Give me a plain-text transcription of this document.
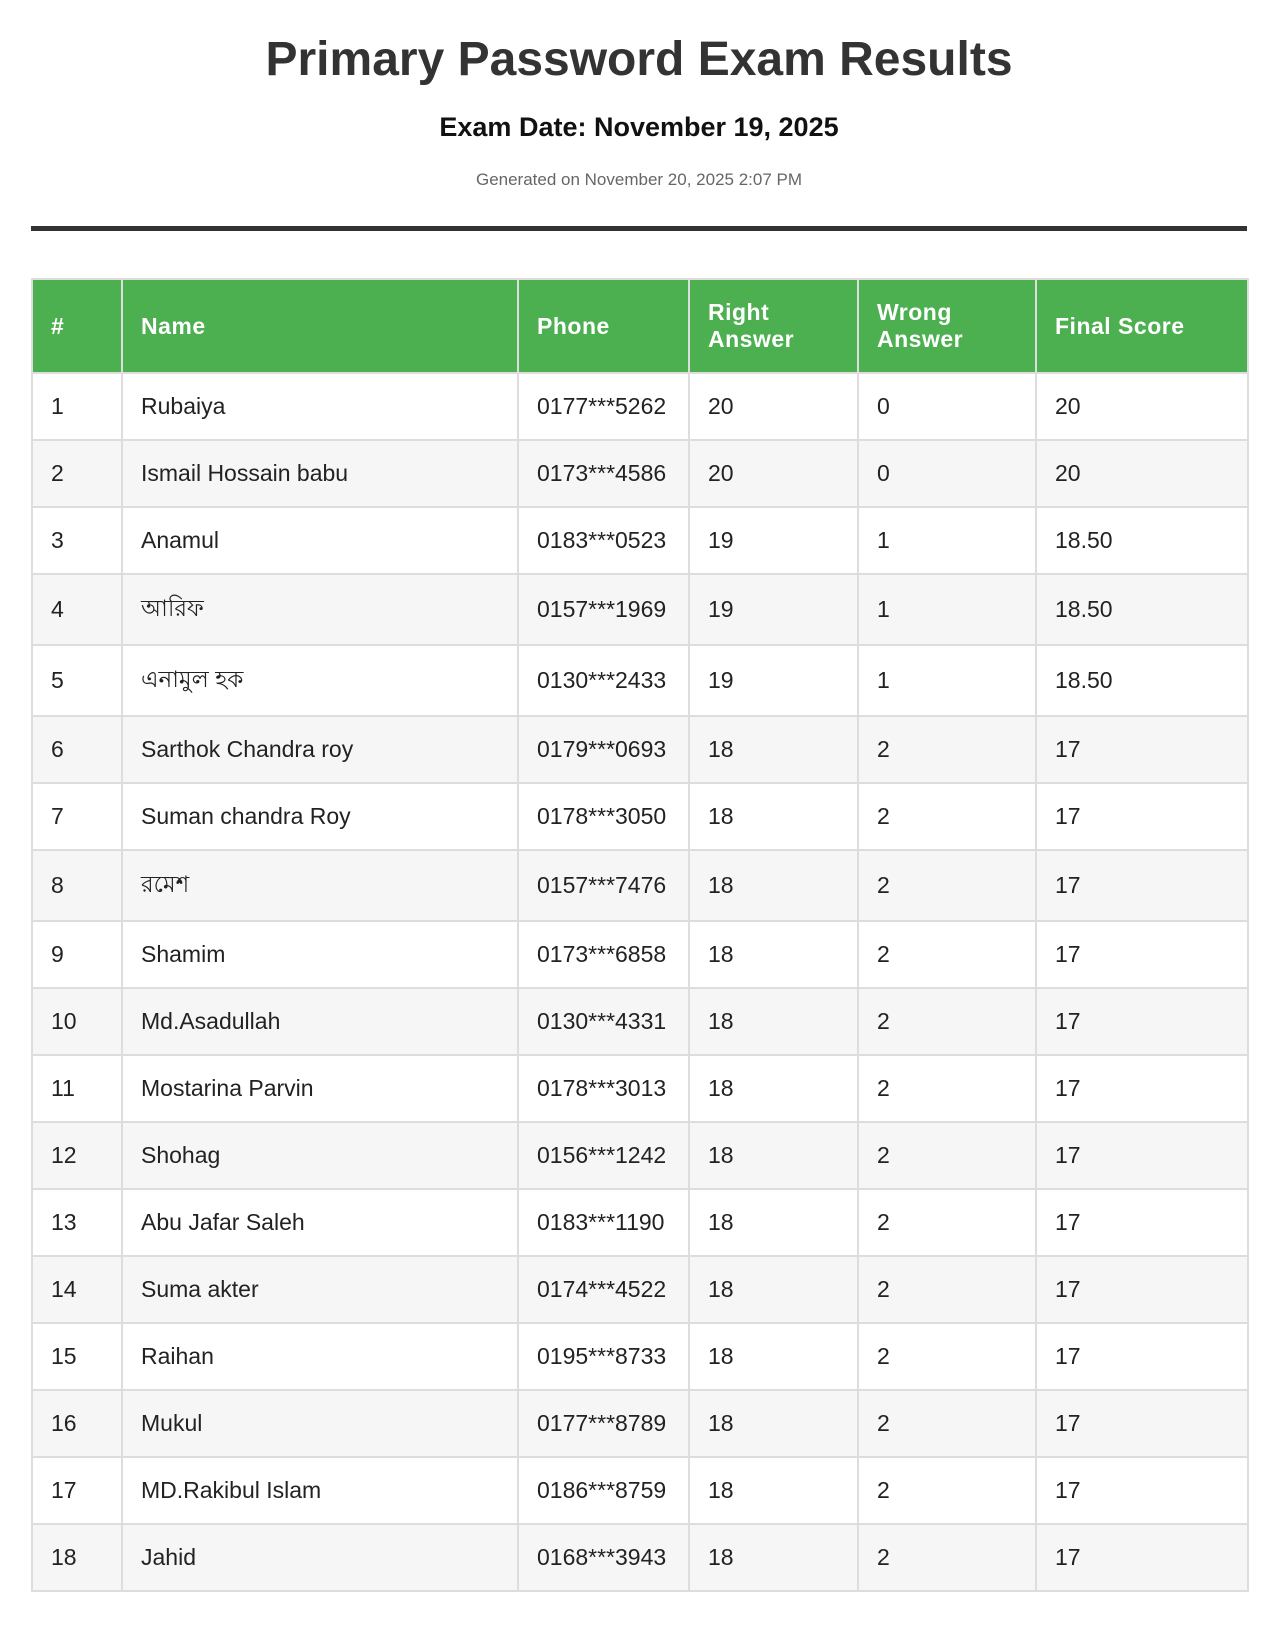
Primary Password Exam Results
Exam Date: November 19, 2025

Generated on November 20, 2025 2:07 PM

#	Name	Phone	Right Answer	Wrong Answer	Final Score
1	Rubaiya	0177***5262	20	0	20
2	Ismail Hossain babu	0173***4586	20	0	20
3	Anamul	0183***0523	19	1	18.50
4	আরিফ	0157***1969	19	1	18.50
5	এনামুল হক	0130***2433	19	1	18.50
6	Sarthok Chandra roy	0179***0693	18	2	17
7	Suman chandra Roy	0178***3050	18	2	17
8	রমেশ	0157***7476	18	2	17
9	Shamim	0173***6858	18	2	17
10	Md.Asadullah	0130***4331	18	2	17
11	Mostarina Parvin	0178***3013	18	2	17
12	Shohag	0156***1242	18	2	17
13	Abu Jafar Saleh	0183***1190	18	2	17
14	Suma akter	0174***4522	18	2	17
15	Raihan	0195***8733	18	2	17
16	Mukul	0177***8789	18	2	17
17	MD.Rakibul Islam	0186***8759	18	2	17
18	Jahid	0168***3943	18	2	17
